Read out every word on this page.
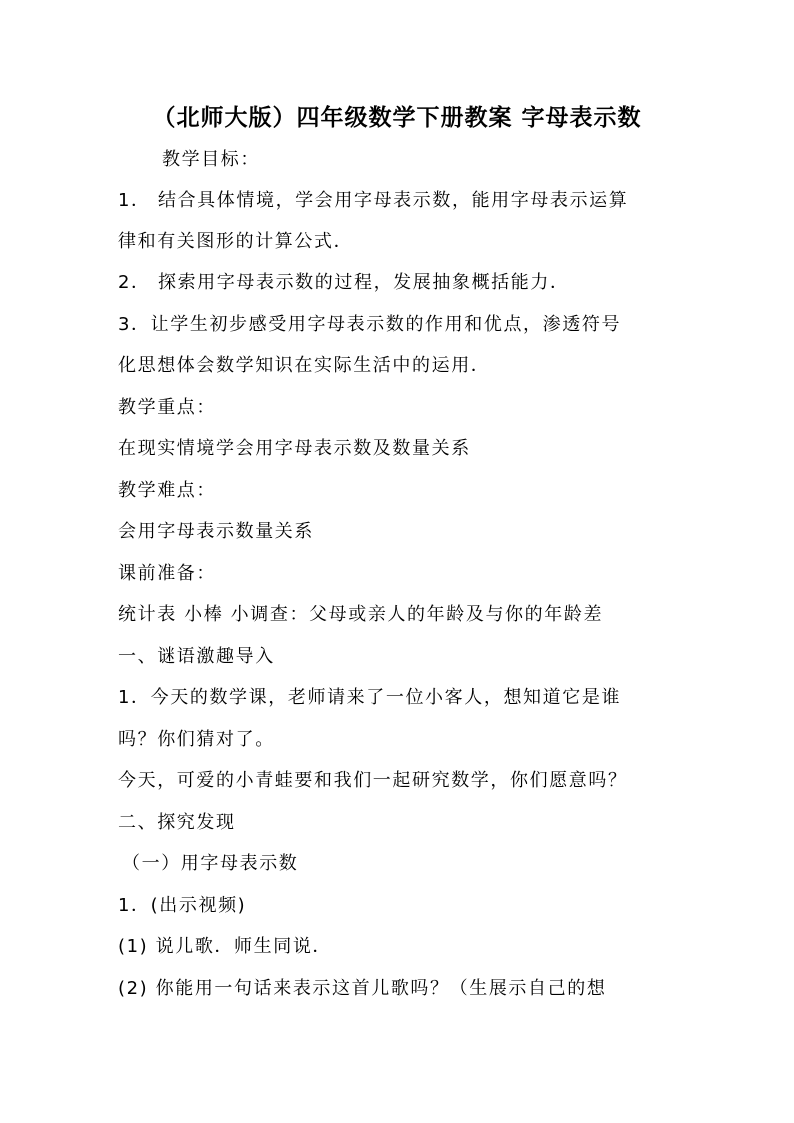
（北师大版）四年级数学下册教案 字母表示数
教学目标：
1． 结合具体情境，学会用字母表示数，能用字母表示运算
律和有关图形的计算公式．
2． 探索用字母表示数的过程，发展抽象概括能力．
3．让学生初步感受用字母表示数的作用和优点，渗透符号
化思想体会数学知识在实际生活中的运用．
教学重点：
在现实情境学会用字母表示数及数量关系
教学难点：
会用字母表示数量关系
课前准备：
统计表 小棒 小调查：父母或亲人的年龄及与你的年龄差
一、谜语激趣导入
1．今天的数学课，老师请来了一位小客人，想知道它是谁
吗？你们猜对了。
今天，可爱的小青蛙要和我们一起研究数学，你们愿意吗？
二、探究发现
（一）用字母表示数
1．(出示视频)
(1) 说儿歌．师生同说．
(2) 你能用一句话来表示这首儿歌吗？（生展示自己的想
